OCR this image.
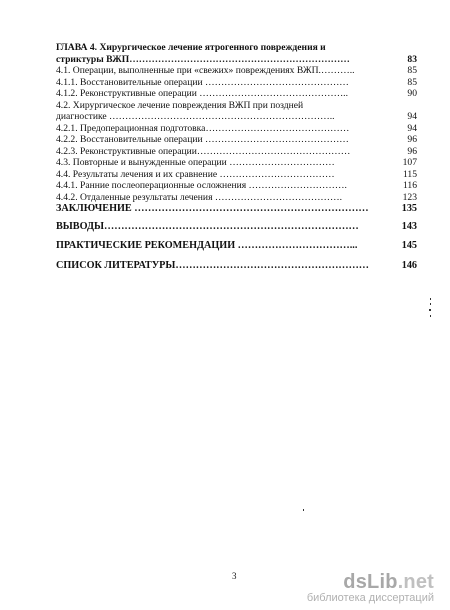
ГЛАВА 4. Хирургическое лечение ятрогенного повреждения и
стриктуры ВЖП……………………………………………………………	83
4.1. Операции, выполненные при «свежих» повреждениях ВЖП.………..	85
4.1.1. Восстановительные операции ………………………………………	85
4.1.2. Реконструктивные операции ………………………………………..	90
4.2. Хирургическое лечение повреждения ВЖП при поздней
диагностике ……………………………………………………………..	94
4.2.1. Предоперационная подготовка………………………………………	94
4.2.2. Восстановительные операции ………………………………………	96
4.2.3. Реконструктивные операции…………………………………………	96
4.3. Повторные и вынужденные операции ……………………………	107
4.4. Результаты лечения и их сравнение ………………………………	115
4.4.1. Ранние послеоперационные осложнения ………………………….	116
4.4.2. Отдаленные результаты лечения ………………………………….	123
ЗАКЛЮЧЕНИЕ ……………………………………………………………	135
ВЫВОДЫ…………………………………………………………………	143
ПРАКТИЧЕСКИЕ РЕКОМЕНДАЦИИ ……………………………...	145
СПИСОК ЛИТЕРАТУРЫ…………………………………………………	146
3	dsLib.net
библиотека диссертаций
